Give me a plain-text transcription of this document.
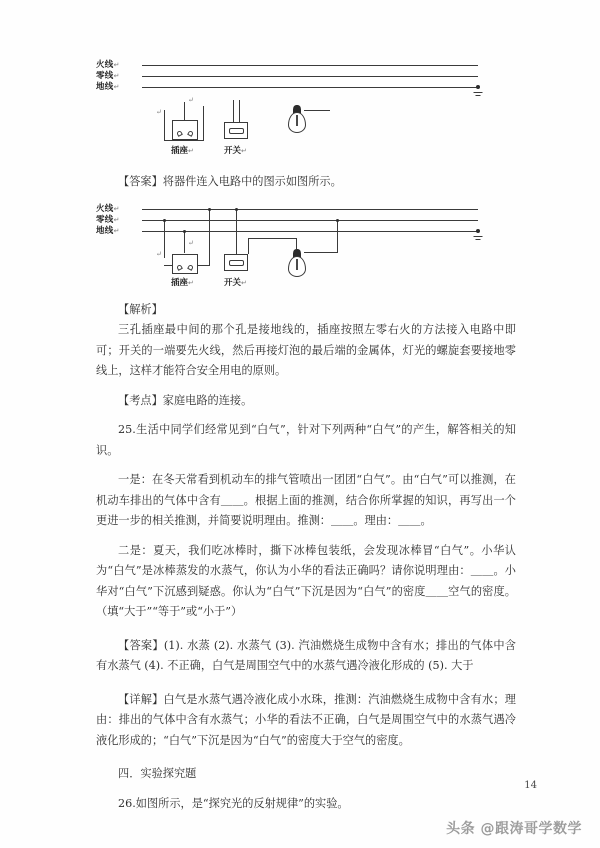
火线↵
零线↵
地线↵
↵
↵
插座↵	开关↵

【答案】将器件连入电路中的图示如图所示。

火线↵
零线↵
地线↵
↵
↵
插座↵	开关↵

【解析】

三孔插座最中间的那个孔是接地线的，插座按照左零右火的方法接入电路中即可；开关的一端要先火线，然后再接灯泡的最后端的金属体，灯光的螺旋套要接地零线上，这样才能符合安全用电的原则。

【考点】家庭电路的连接。

25.生活中同学们经常见到“白气”，针对下列两种“白气”的产生，解答相关的知识。

一是：在冬天常看到机动车的排气管喷出一团团“白气”。由“白气”可以推测，在机动车排出的气体中含有＿＿。根据上面的推测，结合你所掌握的知识，再写出一个更进一步的相关推测，并简要说明理由。推测：＿＿。理由：＿＿。

二是：夏天，我们吃冰棒时，撕下冰棒包装纸，会发现冰棒冒“白气”。小华认为“白气”是冰棒蒸发的水蒸气，你认为小华的看法正确吗？请你说明理由：＿＿。小华对“白气”下沉感到疑惑。你认为“白气”下沉是因为“白气”的密度＿＿空气的密度。（填“大于”“等于”或“小于”）

【答案】(1). 水蒸 (2). 水蒸气 (3). 汽油燃烧生成物中含有水；排出的气体中含有水蒸气 (4). 不正确，白气是周围空气中的水蒸气遇冷液化形成的 (5). 大于

【详解】白气是水蒸气遇冷液化成小水珠，推测：汽油燃烧生成物中含有水；理由：排出的气体中含有水蒸气；小华的看法不正确，白气是周围空气中的水蒸气遇冷液化形成的；“白气”下沉是因为“白气”的密度大于空气的密度。

四．实验探究题

26.如图所示，是“探究光的反射规律”的实验。

14
头条 @跟涛哥学数学
